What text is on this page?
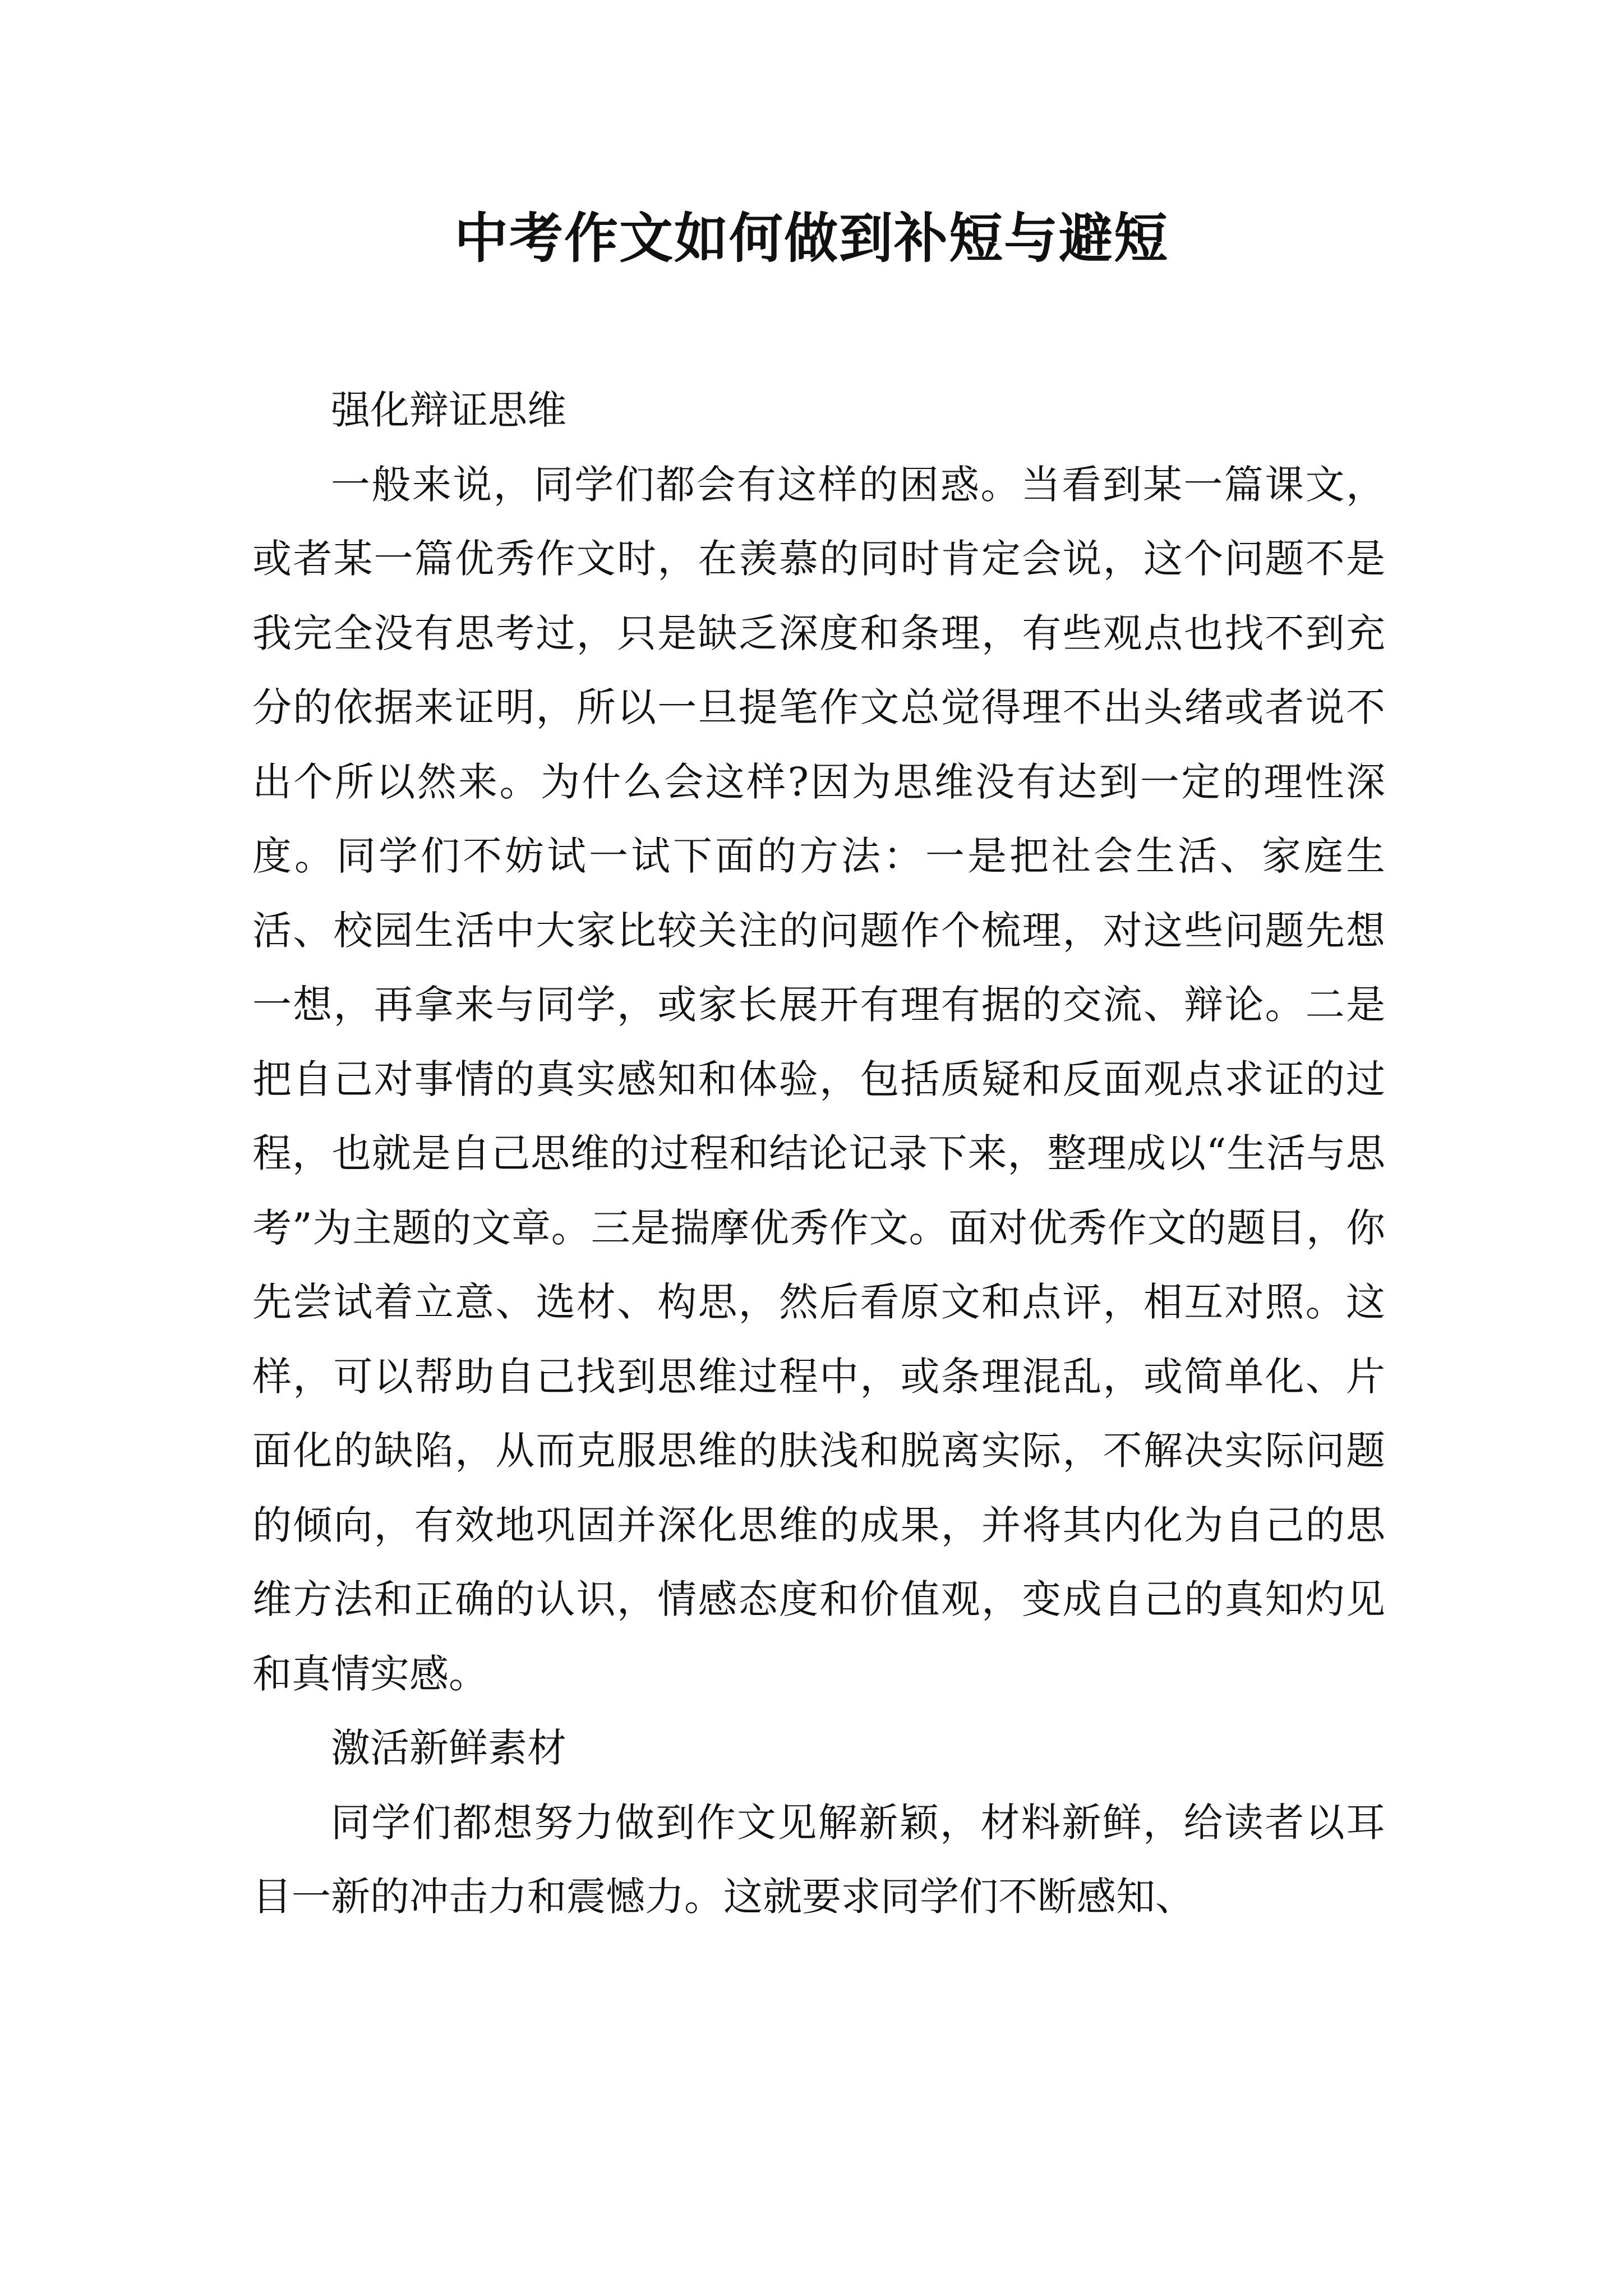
中考作文如何做到补短与避短

强化辩证思维

一般来说，同学们都会有这样的困惑。当看到某一篇课文，或者某一篇优秀作文时，在羡慕的同时肯定会说，这个问题不是我完全没有思考过，只是缺乏深度和条理，有些观点也找不到充分的依据来证明，所以一旦提笔作文总觉得理不出头绪或者说不出个所以然来。为什么会这样?因为思维没有达到一定的理性深度。同学们不妨试一试下面的方法：一是把社会生活、家庭生活、校园生活中大家比较关注的问题作个梳理，对这些问题先想一想，再拿来与同学，或家长展开有理有据的交流、辩论。二是把自己对事情的真实感知和体验，包括质疑和反面观点求证的过程，也就是自己思维的过程和结论记录下来，整理成以“生活与思考”为主题的文章。三是揣摩优秀作文。面对优秀作文的题目，你先尝试着立意、选材、构思，然后看原文和点评，相互对照。这样，可以帮助自己找到思维过程中，或条理混乱，或简单化、片面化的缺陷，从而克服思维的肤浅和脱离实际，不解决实际问题的倾向，有效地巩固并深化思维的成果，并将其内化为自己的思维方法和正确的认识，情感态度和价值观，变成自己的真知灼见和真情实感。

激活新鲜素材

同学们都想努力做到作文见解新颖，材料新鲜，给读者以耳目一新的冲击力和震憾力。这就要求同学们不断感知、
